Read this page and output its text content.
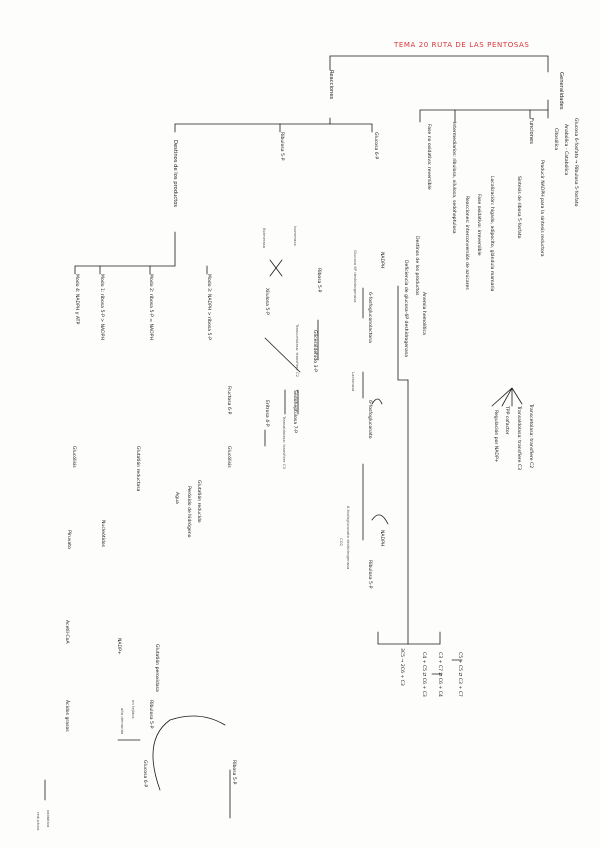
TEMA 20 RUTA DE LAS PENTOSAS
Generalidades
Glucosa 6-fosfato → Ribulosa 5-fosfato
Anabólica - Catabólica
Citosólica
Funciones
Producir NADPH para la síntesis reductora
Síntesis de ribosa 5-fosfato
Localización: hígado, adipocito, glándula mamaria
Fase oxidativa: irreversible
Reacciones: interconversión de azúcares
Transcetolasa: transfiere C2
Transaldolasa: transfiere C3
TPP cofactor
Regulación por NADP+
Intermediarios: ribulosa, xilulosa, sedoheptulosa
Fase no oxidativa: reversible
Destinos de los productos
Deficiencia de glucosa-6P deshidrogenasa	Anemia hemolítica
C5 + C5 ⇄ C3 + C7
C3 + C7 ⇄ C6 + C4
C4 + C5 ⇄ C6 + C3
3C5 → 2C6 + C3
Reacciones
Glucosa 6-P
Glucosa 6P deshidrogenasa	NADPH
6-fosfogluconolactona
Lactonasa
6-fosfogluconato
6-fosfogluconato deshidrogenasa	NADPH
Ribulosa 5-P
CO2
Ribulosa 5-P
Isomerasa
Epimerasa
Ribosa 5-P
Xilulosa 5-P
Gliceraldehído 3-P
Transcetolasa: transfiere C2
Sedoheptulosa 7-P
Eritrosa 4-P
Transaldolasa: transfiere C3
Fructosa 6-P
Glucólisis
Destinos de los productos
Modo 3: NADPH > ribosa 5-P
Glutatión reducido
Peróxido de hidrógeno
Agua
Modo 2: ribosa 5-P = NADPH
Glutatión reductasa
Glutatión peroxidasa
NADP+
en tejidos
alta demanda
Glucosa 6-P
Ribulosa 5-P
Ribosa 5-P
Modo 1: ribosa 5-P > NADPH
Nucleótidos
Modo 4: NADPH y ATP
Glucólisis
Piruvato
Acetil-CoA
Ácidos grasos
oxidativa
reductora
